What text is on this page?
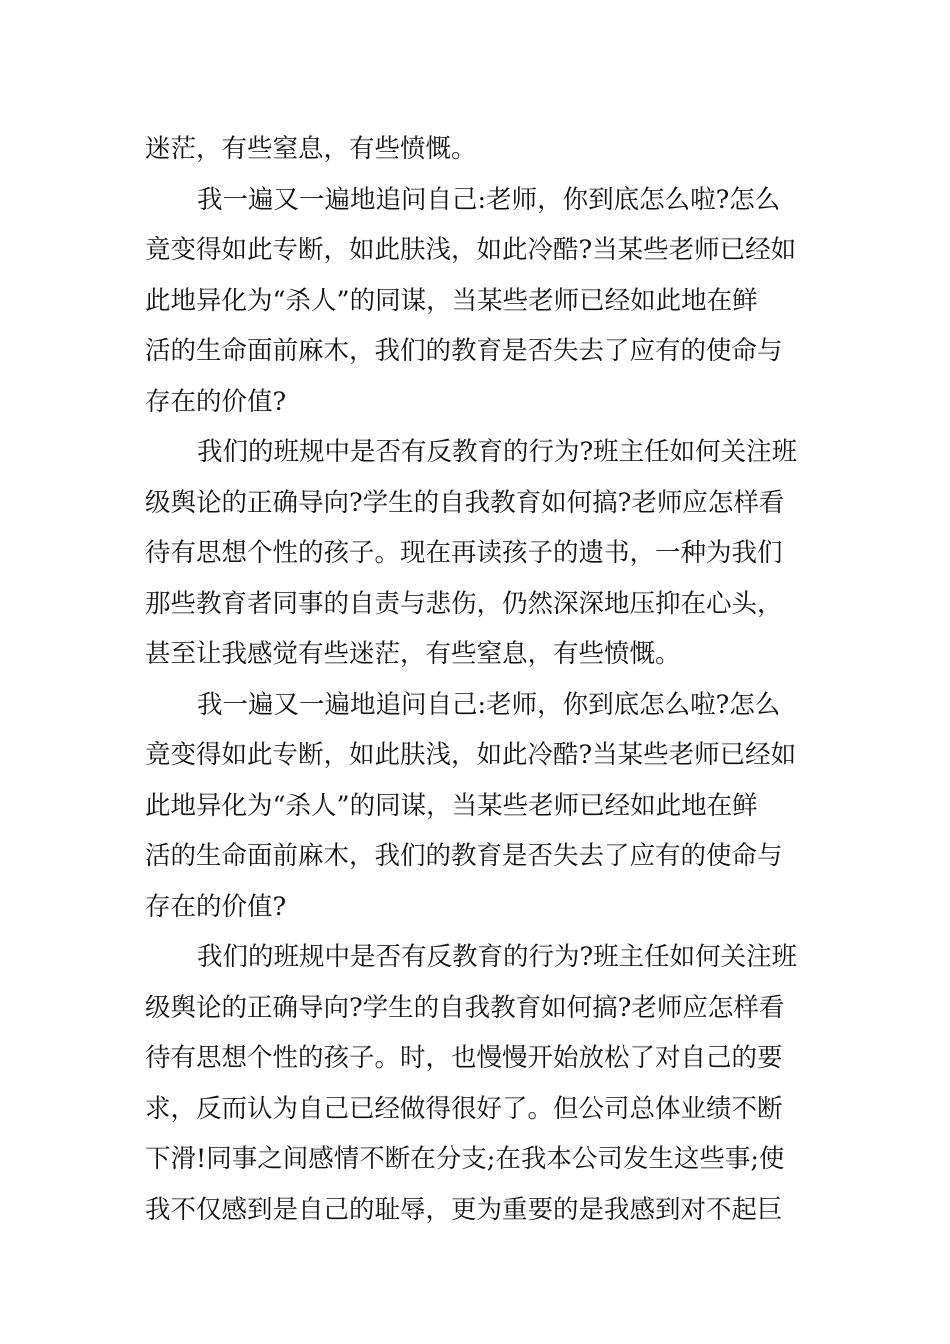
迷茫，有些窒息，有些愤慨。
我一遍又一遍地追问自己:老师，你到底怎么啦?怎么
竟变得如此专断，如此肤浅，如此冷酷?当某些老师已经如
此地异化为“杀人”的同谋，当某些老师已经如此地在鲜
活的生命面前麻木，我们的教育是否失去了应有的使命与
存在的价值?
我们的班规中是否有反教育的行为?班主任如何关注班
级舆论的正确导向?学生的自我教育如何搞?老师应怎样看
待有思想个性的孩子。现在再读孩子的遗书，一种为我们
那些教育者同事的自责与悲伤，仍然深深地压抑在心头，
甚至让我感觉有些迷茫，有些窒息，有些愤慨。
我一遍又一遍地追问自己:老师，你到底怎么啦?怎么
竟变得如此专断，如此肤浅，如此冷酷?当某些老师已经如
此地异化为“杀人”的同谋，当某些老师已经如此地在鲜
活的生命面前麻木，我们的教育是否失去了应有的使命与
存在的价值?
我们的班规中是否有反教育的行为?班主任如何关注班
级舆论的正确导向?学生的自我教育如何搞?老师应怎样看
待有思想个性的孩子。时，也慢慢开始放松了对自己的要
求，反而认为自己已经做得很好了。但公司总体业绩不断
下滑!同事之间感情不断在分支;在我本公司发生这些事;使
我不仅感到是自己的耻辱，更为重要的是我感到对不起巨
